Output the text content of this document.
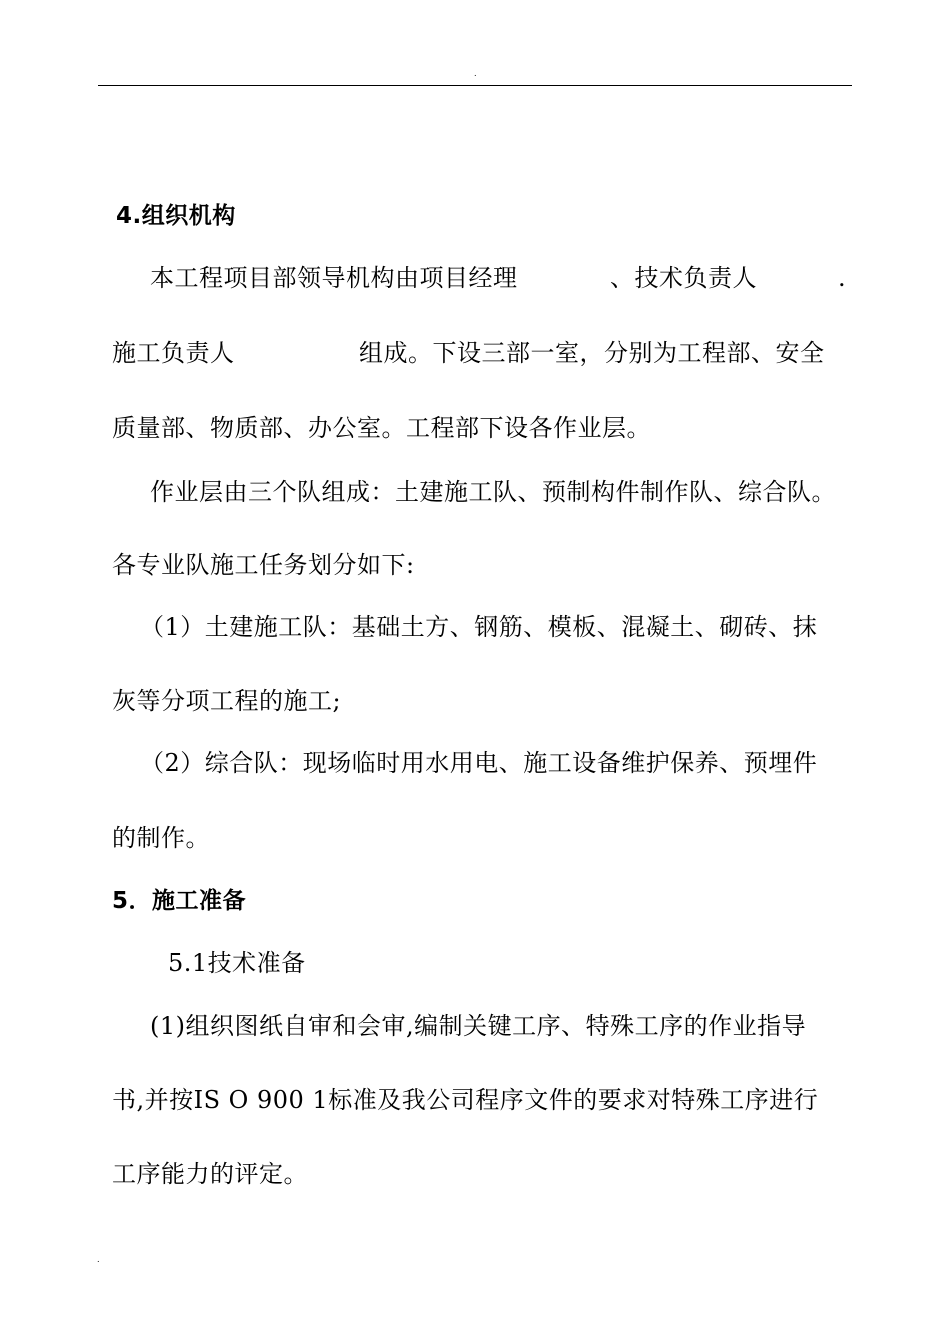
.
4.组织机构
本工程项目部领导机构由项目经理	、技术负责人	.
施工负责人	组成。下设三部一室，分别为工程部、安全
质量部、物质部、办公室。工程部下设各作业层。
作业层由三个队组成：土建施工队、预制构件制作队、综合队。
各专业队施工任务划分如下:
（1）土建施工队：基础土方、钢筋、模板、混凝土、砌砖、抹
灰等分项工程的施工;
（2）综合队：现场临时用水用电、施工设备维护保养、预埋件
的制作。
5．施工准备
5.1技术准备
(1)组织图纸自审和会审,编制关键工序、特殊工序的作业指导
书,并按IS O 900 1标准及我公司程序文件的要求对特殊工序进行
工序能力的评定。
.
